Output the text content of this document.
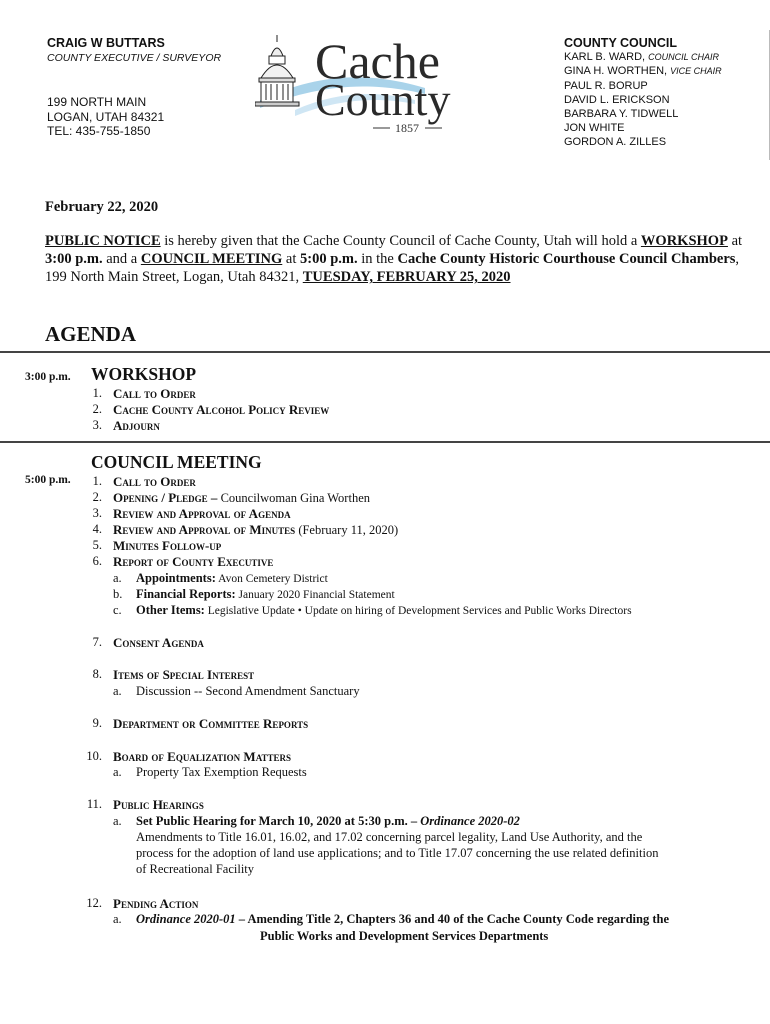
CRAIG W BUTTARS
COUNTY EXECUTIVE / SURVEYOR
199 NORTH MAIN
LOGAN, UTAH 84321
TEL: 435-755-1850
Cache
County
1857
COUNTY COUNCIL
KARL B. WARD, COUNCIL CHAIR
GINA H. WORTHEN, VICE CHAIR
PAUL R. BORUP
DAVID L. ERICKSON
BARBARA Y. TIDWELL
JON WHITE
GORDON A. ZILLES
February 22, 2020
PUBLIC NOTICE is hereby given that the Cache County Council of Cache County, Utah will hold a WORKSHOP at 3:00 p.m. and a COUNCIL MEETING at 5:00 p.m. in the Cache County Historic Courthouse Council Chambers, 199 North Main Street, Logan, Utah 84321, TUESDAY, FEBRUARY 25, 2020
AGENDA
3:00 p.m. WORKSHOP
1. Call to Order
2. Cache County Alcohol Policy Review
3. Adjourn
5:00 p.m.
COUNCIL MEETING
1. Call to Order
2. Opening / Pledge – Councilwoman Gina Worthen
3. Review and Approval of Agenda
4. Review and Approval of Minutes (February 11, 2020)
5. Minutes Follow-up
6. Report of County Executive
a. Appointments: Avon Cemetery District
b. Financial Reports: January 2020 Financial Statement
c. Other Items: Legislative Update • Update on hiring of Development Services and Public Works Directors
7. Consent Agenda
8. Items of Special Interest
a. Discussion -- Second Amendment Sanctuary
9. Department or Committee Reports
10. Board of Equalization Matters
a. Property Tax Exemption Requests
11. Public Hearings
a. Set Public Hearing for March 10, 2020 at 5:30 p.m. – Ordinance 2020-02
Amendments to Title 16.01, 16.02, and 17.02 concerning parcel legality, Land Use Authority, and the
process for the adoption of land use applications; and to Title 17.07 concerning the use related definition
of Recreational Facility
12. Pending Action
a. Ordinance 2020-01 – Amending Title 2, Chapters 36 and 40 of the Cache County Code regarding the
Public Works and Development Services Departments
